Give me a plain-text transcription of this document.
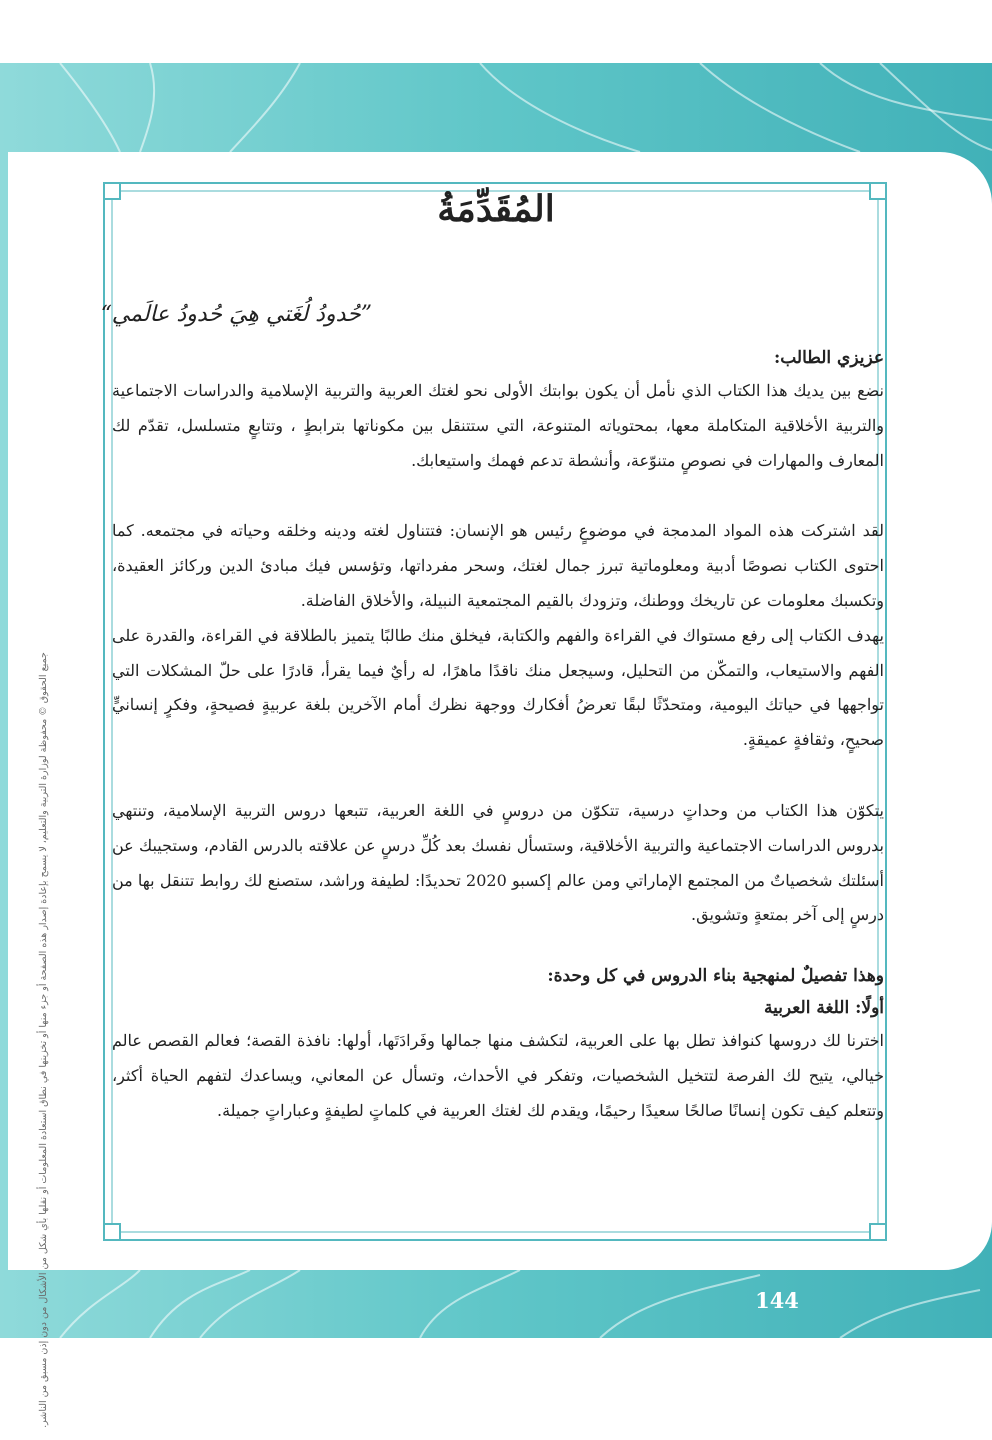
المُقَدِّمَةُ
”حُدودُ لُغَتي هِيَ حُدودُ عالَمي“
عزيزي الطالب:

نضع بين يديك هذا الكتاب الذي نأمل أن يكون بوابتك الأولى نحو لغتك العربية والتربية الإسلامية والدراسات الاجتماعية والتربية الأخلاقية المتكاملة معها، بمحتوياته المتنوعة، التي ستتنقل بين مكوناتها بترابطٍ ، وتتابعٍ متسلسل، تقدّم لك المعارف والمهارات في نصوصٍ متنوّعة، وأنشطة تدعم فهمك واستيعابك.

لقد اشتركت هذه المواد المدمجة في موضوعٍ رئيس هو الإنسان: فتتناول لغته ودينه وخلقه وحياته في مجتمعه. كما احتوى الكتاب نصوصًا أدبية ومعلوماتية تبرز جمال لغتك، وسحر مفرداتها، وتؤسس فيك مبادئ الدين وركائز العقيدة، وتكسبك معلومات عن تاريخك ووطنك، وتزودك بالقيم المجتمعية النبيلة، والأخلاق الفاضلة.

يهدف الكتاب إلى رفع مستواك في القراءة والفهم والكتابة، فيخلق منك طالبًا يتميز بالطلاقة في القراءة، والقدرة على الفهم والاستيعاب، والتمكّن من التحليل، وسيجعل منك ناقدًا ماهرًا، له رأيٌ فيما يقرأ، قادرًا على حلّ المشكلات التي تواجهها في حياتك اليومية، ومتحدّثًا لبقًا تعرضُ أفكارك ووجهة نظرك أمام الآخرين بلغة عربيةٍ فصيحةٍ، وفكرٍ إنسانيٍّ صحيحٍ، وثقافةٍ عميقةٍ.

يتكوّن هذا الكتاب من وحداتٍ درسية، تتكوّن من دروسٍ في اللغة العربية، تتبعها دروس التربية الإسلامية، وتنتهي بدروس الدراسات الاجتماعية والتربية الأخلاقية، وستسأل نفسك بعد كُلِّ درسٍ عن علاقته بالدرس القادم، وستجيبك عن أسئلتك شخصياتٌ من المجتمع الإماراتي ومن عالم إكسبو 2020 تحديدًا: لطيفة وراشد، ستصنع لك روابط تتنقل بها من درسٍ إلى آخر بمتعةٍ وتشويق.

وهذا تفصيلٌ لمنهجية بناء الدروس في كل وحدة:
أولًا: اللغة العربية

اخترنا لك دروسها كنوافذ تطل بها على العربية، لتكشف منها جمالها وفَرادَتَها، أولها: نافذة القصة؛ فعالم القصص عالم خيالي، يتيح لك الفرصة لتتخيل الشخصيات، وتفكر في الأحداث، وتسأل عن المعاني، ويساعدك لتفهم الحياة أكثر، وتتعلم كيف تكون إنسانًا صالحًا سعيدًا رحيمًا، ويقدم لك لغتك العربية في كلماتٍ لطيفةٍ وعباراتٍ جميلة.

جميع الحقوق © محفوظة لوزارة التربية والتعليم، لا يسمح بإعادة إصدار هذه الصفحة أو جزء منها أو تخزينها في نطاق استعادة المعلومات أو نقلها بأي شكل من الأشكال من دون إذن مسبق من الناشر.	144
